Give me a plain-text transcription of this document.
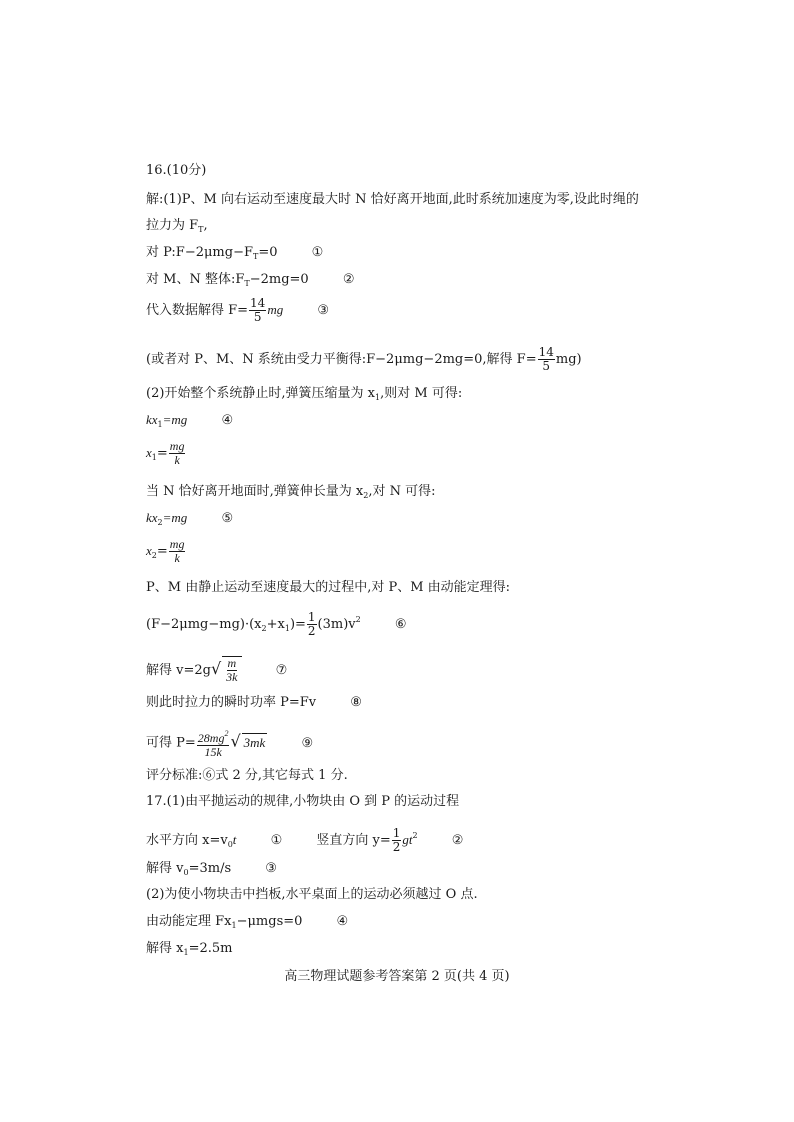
16.(10分)
解:(1)P、M 向右运动至速度最大时 N 恰好离开地面,此时系统加速度为零,设此时绳的
拉力为 $F_T$,
对 $P:F-2\mu mg-F_T=0$	①
对 M、N 整体$:F_T-2mg=0$	②
代入数据解得 $F= \frac{14}{5}$ mg	③
(或者对 P、M、N 系统由受力平衡得:F−2μmg−2mg=0,解得 $F= \frac{14}{5} mg$)
(2)开始整个系统静止时,弹簧压缩量为 $x_1$,则对 M 可得:
$kx_1=mg$	④
$x_1= \frac{mg}{k}$
当 N 恰好离开地面时,弹簧伸长量为 $x_2$,对 N 可得:
$kx_2=mg$	⑤
$x_2= \frac{mg}{k}$
P、M 由静止运动至速度最大的过程中,对 P、M 由动能定理得:
$(F-2\mu mg-mg)\cdot(x_2+x_1)= \frac{1}{2} (3m)v^2$	⑥
解得 $v=2g√ \frac{m}{3k}$	⑦
则此时拉力的瞬时功率 P=Fv	⑧
可得 $P= \frac{28mg^2}{15k}$ √ 3mk	⑨
评分标准:⑥式 2 分,其它每式 1 分.
17.(1)由平抛运动的规律,小物块由 O 到 P 的运动过程
水平方向 $x=v_0t$	①	竖直方向 $y= \frac{1}{2} gt^2$	②
解得 $v_0=3m/s$	③
(2)为使小物块击中挡板,水平桌面上的运动必须越过 O 点.
由动能定理 $Fx_1-\mu mgs=0$	④
解得 $x_1=2.5m$
高三物理试题参考答案第 2 页(共 4 页)
